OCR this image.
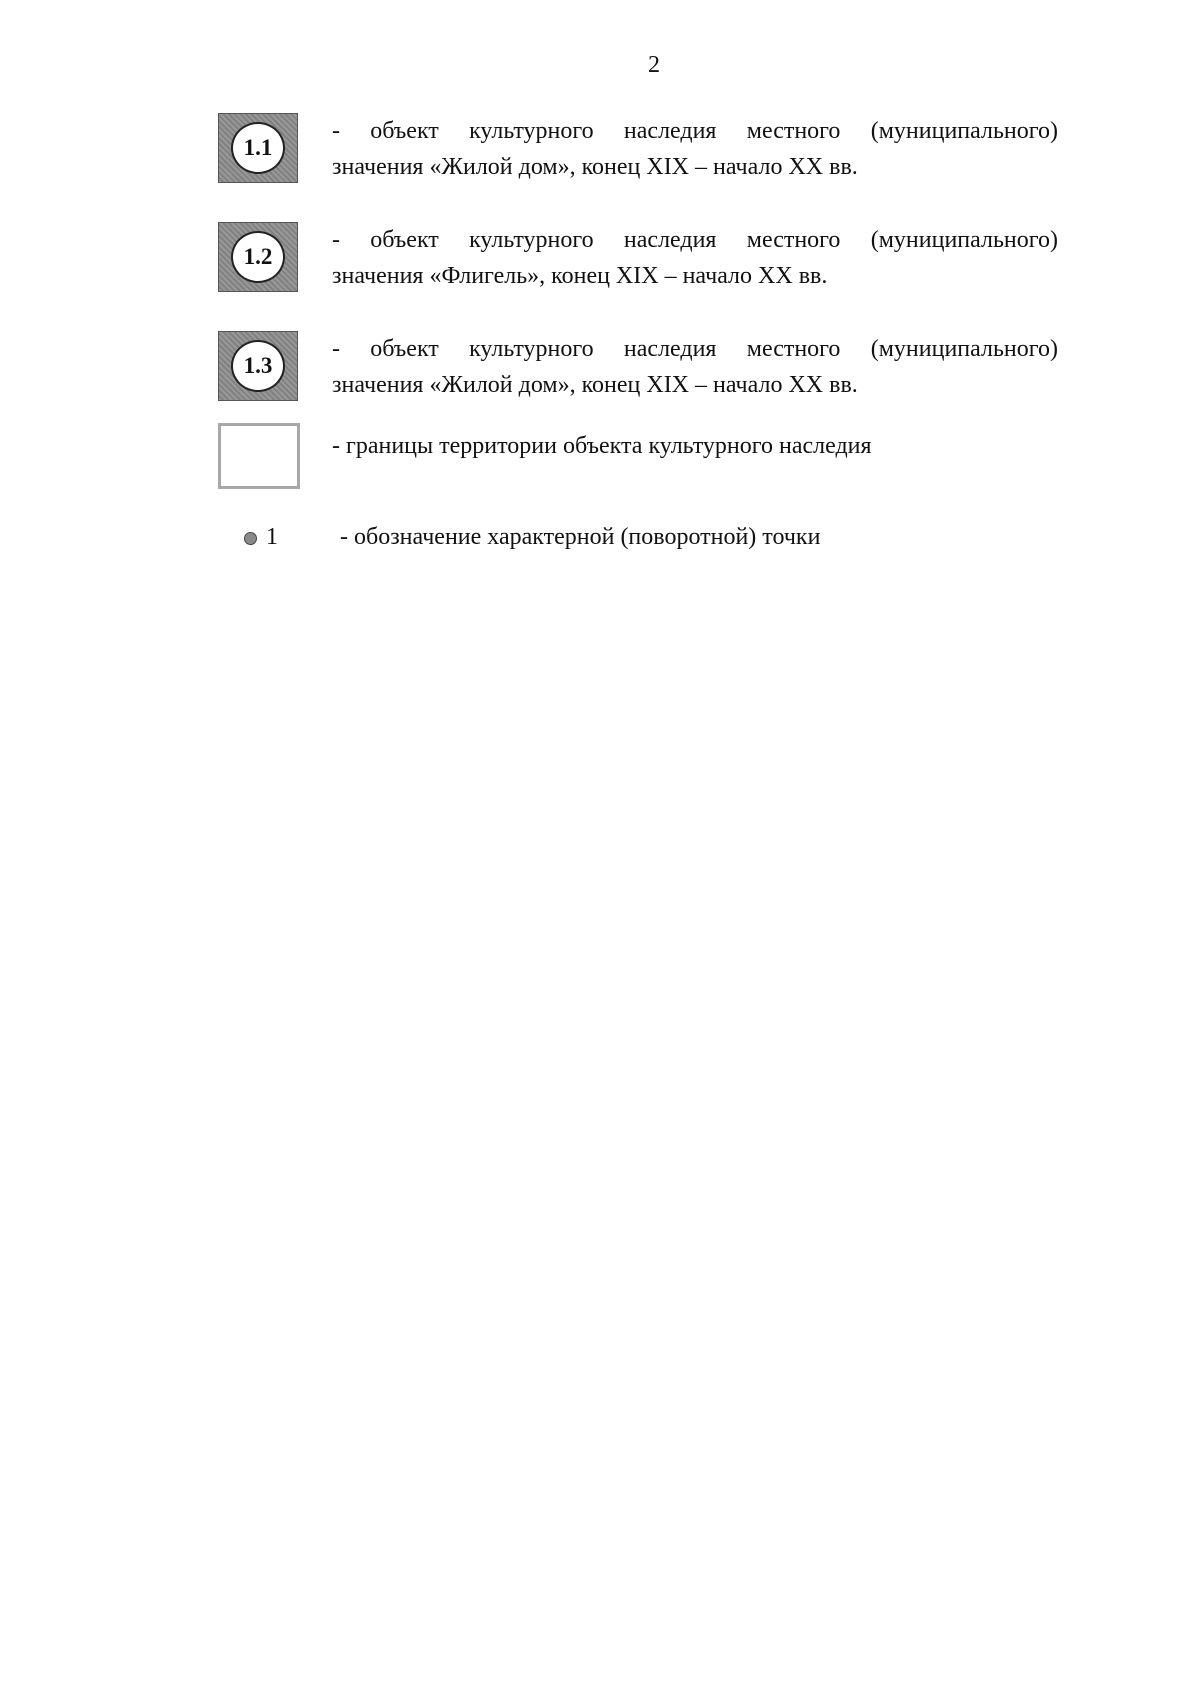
2
1.1
- объект культурного наследия местного (муниципального)
значения «Жилой дом», конец XIX – начало XX вв.
1.2
- объект культурного наследия местного (муниципального)
значения «Флигель», конец XIX – начало XX вв.
1.3
- объект культурного наследия местного (муниципального)
значения «Жилой дом», конец XIX – начало XX вв.
- границы территории объекта культурного наследия
1	- обозначение характерной (поворотной) точки
